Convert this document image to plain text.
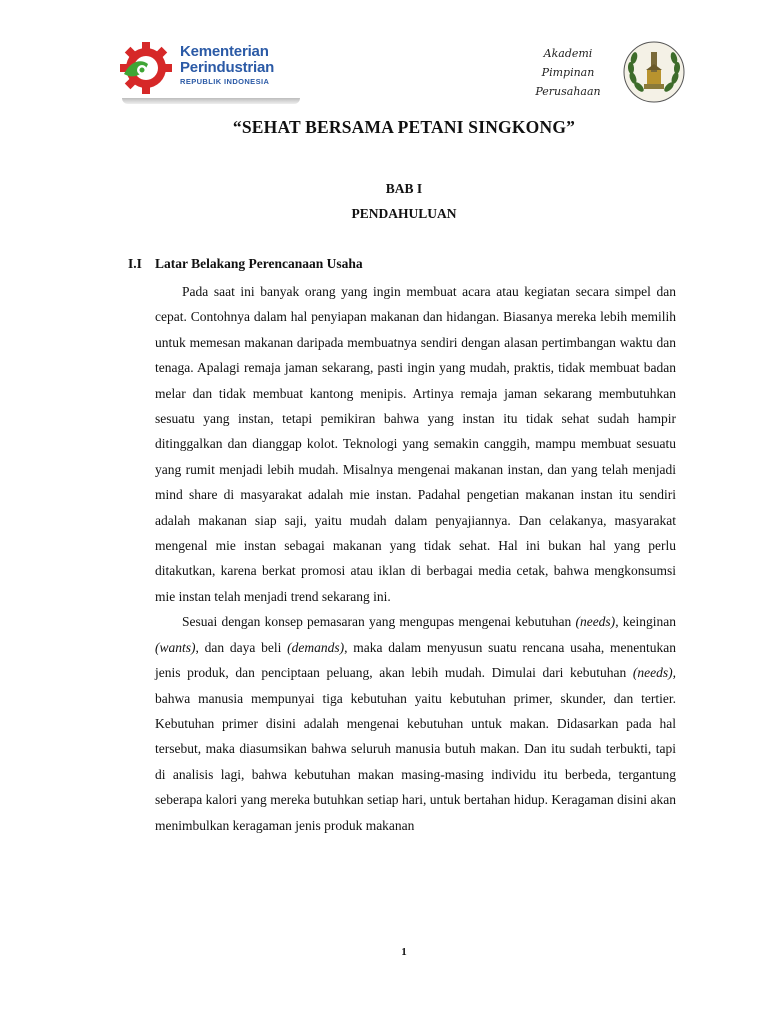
Kementerian
Perindustrian
REPUBLIK INDONESIA
Akademi
Pimpinan
Perusahaan
“SEHAT BERSAMA PETANI SINGKONG”
BAB I
PENDAHULUAN
I.I Latar Belakang Perencanaan Usaha

Pada saat ini banyak orang yang ingin membuat acara atau kegiatan secara simpel dan cepat. Contohnya dalam hal penyiapan makanan dan hidangan. Biasanya mereka lebih memilih untuk memesan makanan daripada membuatnya sendiri dengan alasan pertimbangan waktu dan tenaga. Apalagi remaja jaman sekarang, pasti ingin yang mudah, praktis, tidak membuat badan melar dan tidak membuat kantong menipis. Artinya remaja jaman sekarang membutuhkan sesuatu yang instan, tetapi pemikiran bahwa yang instan itu tidak sehat sudah hampir ditinggalkan dan dianggap kolot. Teknologi yang semakin canggih, mampu membuat sesuatu yang rumit menjadi lebih mudah. Misalnya mengenai makanan instan, dan yang telah menjadi mind share di masyarakat adalah mie instan. Padahal pengetian makanan instan itu sendiri adalah makanan siap saji, yaitu mudah dalam penyajiannya. Dan celakanya, masyarakat mengenal mie instan sebagai makanan yang tidak sehat. Hal ini bukan hal yang perlu ditakutkan, karena berkat promosi atau iklan di berbagai media cetak, bahwa mengkonsumsi mie instan telah menjadi trend sekarang ini.

Sesuai dengan konsep pemasaran yang mengupas mengenai kebutuhan (needs), keinginan (wants), dan daya beli (demands), maka dalam menyusun suatu rencana usaha, menentukan jenis produk, dan penciptaan peluang, akan lebih mudah. Dimulai dari kebutuhan (needs), bahwa manusia mempunyai tiga kebutuhan yaitu kebutuhan primer, skunder, dan tertier. Kebutuhan primer disini adalah mengenai kebutuhan untuk makan. Didasarkan pada hal tersebut, maka diasumsikan bahwa seluruh manusia butuh makan. Dan itu sudah terbukti, tapi di analisis lagi, bahwa kebutuhan makan masing-masing individu itu berbeda, tergantung seberapa kalori yang mereka butuhkan setiap hari, untuk bertahan hidup. Keragaman disini akan menimbulkan keragaman jenis produk makanan

1
